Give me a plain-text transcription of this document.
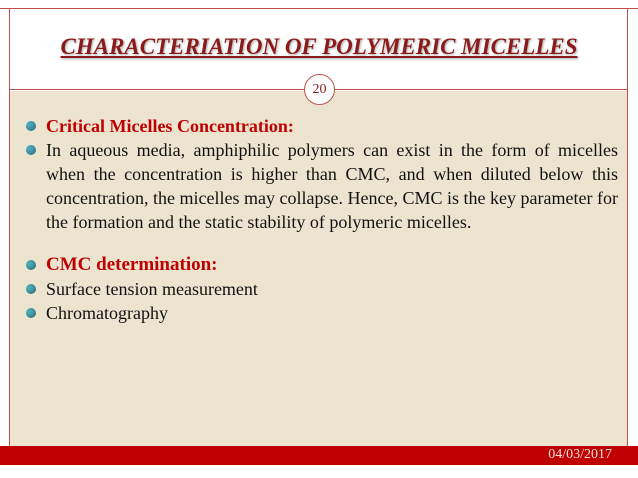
CHARACTERIATION OF POLYMERIC MICELLES
20
Critical Micelles Concentration:
In aqueous media, amphiphilic polymers can exist in the form of micelles when the concentration is higher than CMC, and when diluted below this concentration, the micelles may collapse. Hence, CMC is the key parameter for the formation and the static stability of polymeric micelles.
CMC determination:
Surface tension measurement
Chromatography
04/03/2017
